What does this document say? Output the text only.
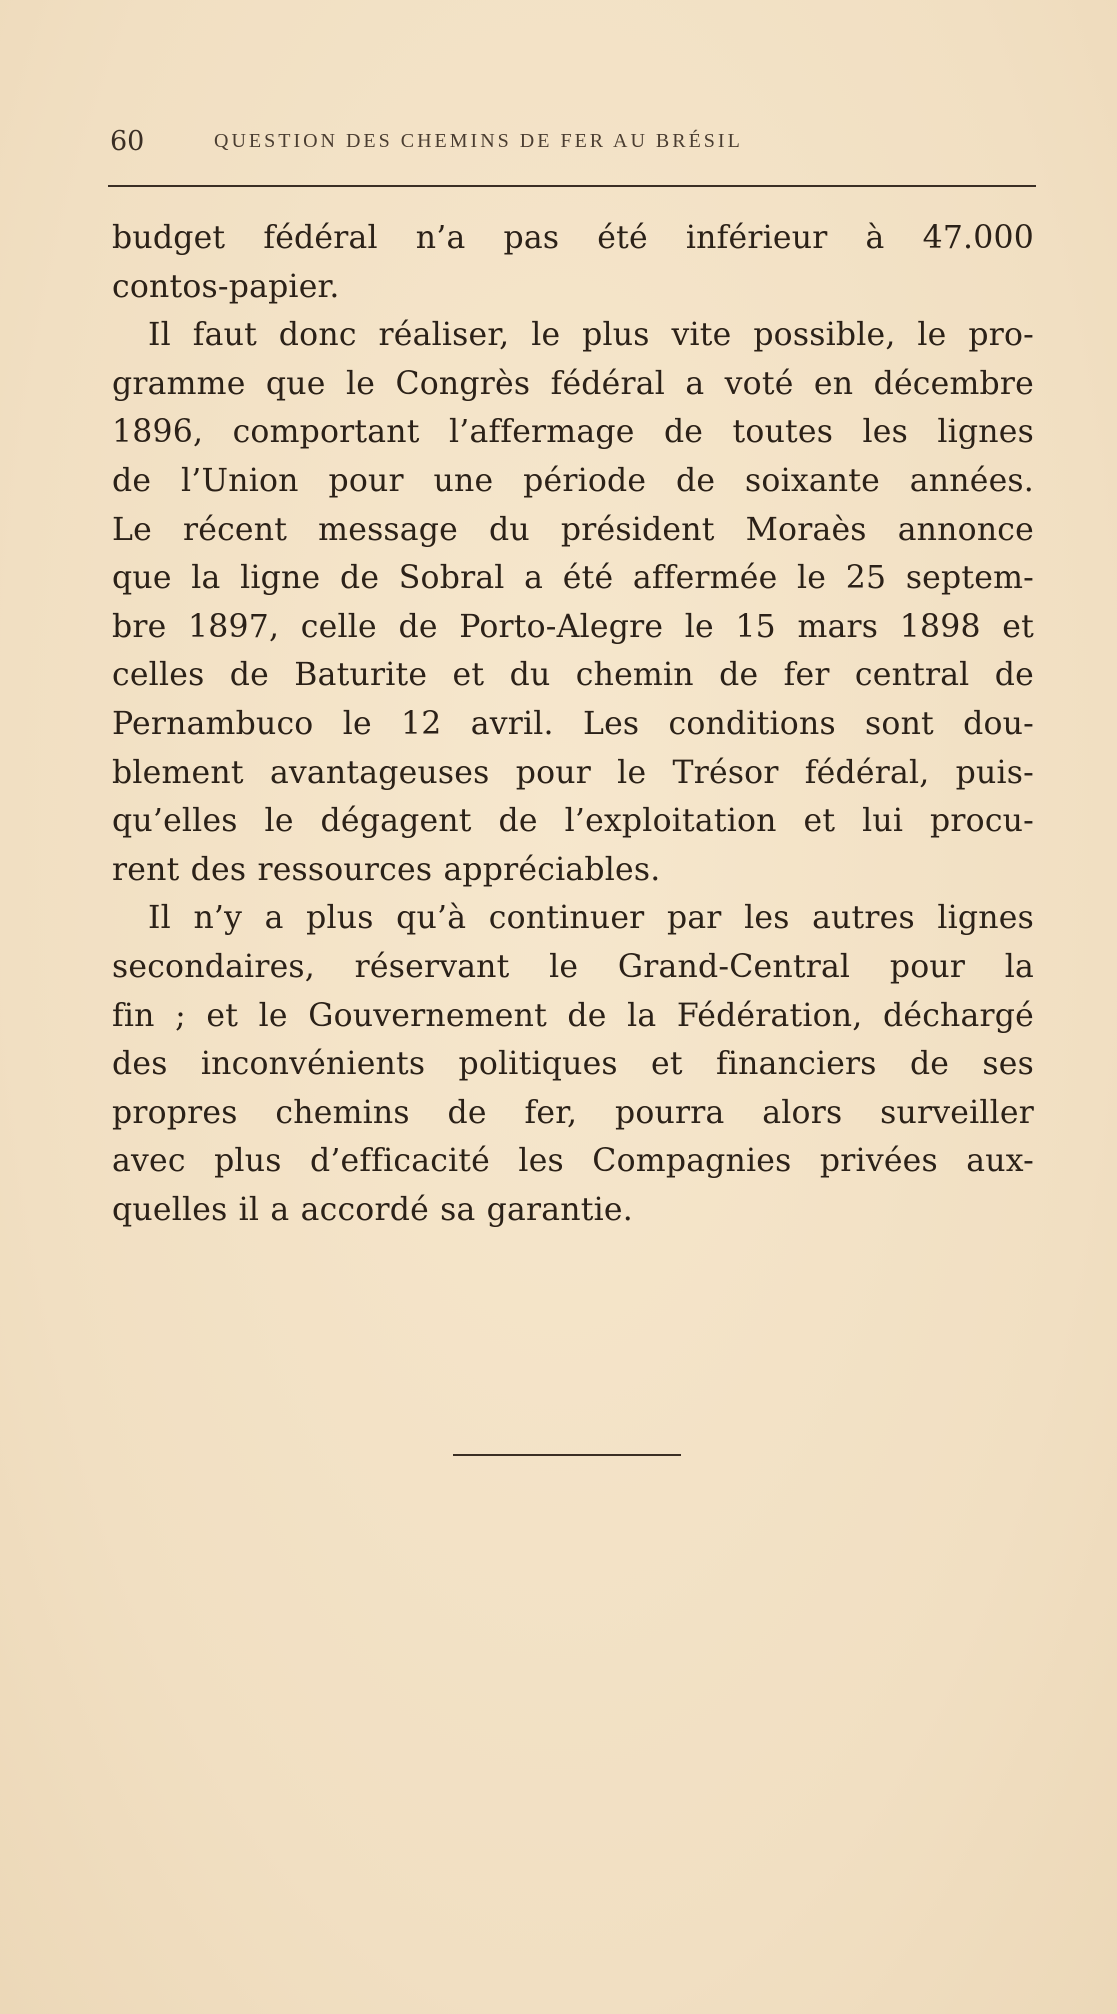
60	QUESTION DES CHEMINS DE FER AU BRÉSIL
budget fédéral n’a pas été inférieur à 47.000
contos-papier.
Il faut donc réaliser, le plus vite possible, le pro-
gramme que le Congrès fédéral a voté en décembre
1896, comportant l’affermage de toutes les lignes
de l’Union pour une période de soixante années.
Le récent message du président Moraès annonce
que la ligne de Sobral a été affermée le 25 septem-
bre 1897, celle de Porto-Alegre le 15 mars 1898 et
celles de Baturite et du chemin de fer central de
Pernambuco le 12 avril. Les conditions sont dou-
blement avantageuses pour le Trésor fédéral, puis-
qu’elles le dégagent de l’exploitation et lui procu-
rent des ressources appréciables.
Il n’y a plus qu’à continuer par les autres lignes
secondaires, réservant le Grand-Central pour la
fin ; et le Gouvernement de la Fédération, déchargé
des inconvénients politiques et financiers de ses
propres chemins de fer, pourra alors surveiller
avec plus d’efficacité les Compagnies privées aux-
quelles il a accordé sa garantie.
